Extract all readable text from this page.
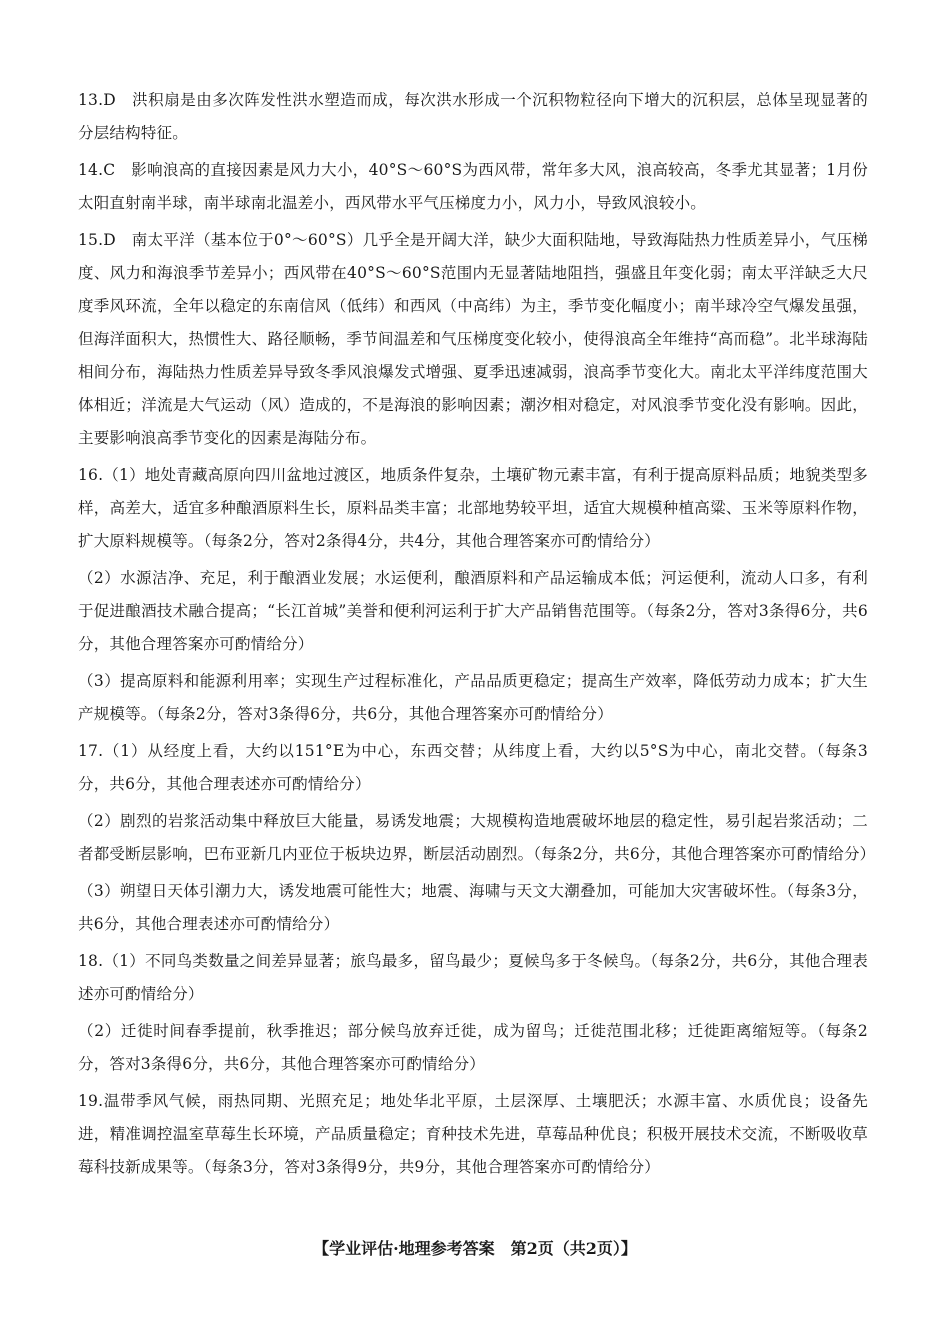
13.D　洪积扇是由多次阵发性洪水塑造而成，每次洪水形成一个沉积物粒径向下增大的沉积层，总体呈现显著的分层结构特征。

14.C　影响浪高的直接因素是风力大小，40°S～60°S为西风带，常年多大风，浪高较高，冬季尤其显著；1月份太阳直射南半球，南半球南北温差小，西风带水平气压梯度力小，风力小，导致风浪较小。

15.D　南太平洋（基本位于0°～60°S）几乎全是开阔大洋，缺少大面积陆地，导致海陆热力性质差异小，气压梯度、风力和海浪季节差异小；西风带在40°S～60°S范围内无显著陆地阻挡，强盛且年变化弱；南太平洋缺乏大尺度季风环流，全年以稳定的东南信风（低纬）和西风（中高纬）为主，季节变化幅度小；南半球冷空气爆发虽强，但海洋面积大，热惯性大、路径顺畅，季节间温差和气压梯度变化较小，使得浪高全年维持“高而稳”。北半球海陆相间分布，海陆热力性质差异导致冬季风浪爆发式增强、夏季迅速减弱，浪高季节变化大。南北太平洋纬度范围大体相近；洋流是大气运动（风）造成的，不是海浪的影响因素；潮汐相对稳定，对风浪季节变化没有影响。因此，主要影响浪高季节变化的因素是海陆分布。

16.（1）地处青藏高原向四川盆地过渡区，地质条件复杂，土壤矿物元素丰富，有利于提高原料品质；地貌类型多样，高差大，适宜多种酿酒原料生长，原料品类丰富；北部地势较平坦，适宜大规模种植高粱、玉米等原料作物，扩大原料规模等。（每条2分，答对2条得4分，共4分，其他合理答案亦可酌情给分）

（2）水源洁净、充足，利于酿酒业发展；水运便利，酿酒原料和产品运输成本低；河运便利，流动人口多，有利于促进酿酒技术融合提高；“长江首城”美誉和便利河运利于扩大产品销售范围等。（每条2分，答对3条得6分，共6分，其他合理答案亦可酌情给分）

（3）提高原料和能源利用率；实现生产过程标准化，产品品质更稳定；提高生产效率，降低劳动力成本；扩大生产规模等。（每条2分，答对3条得6分，共6分，其他合理答案亦可酌情给分）

17.（1）从经度上看，大约以151°E为中心，东西交替；从纬度上看，大约以5°S为中心，南北交替。（每条3分，共6分，其他合理表述亦可酌情给分）

（2）剧烈的岩浆活动集中释放巨大能量，易诱发地震；大规模构造地震破坏地层的稳定性，易引起岩浆活动；二者都受断层影响，巴布亚新几内亚位于板块边界，断层活动剧烈。（每条2分，共6分，其他合理答案亦可酌情给分）

（3）朔望日天体引潮力大，诱发地震可能性大；地震、海啸与天文大潮叠加，可能加大灾害破坏性。（每条3分，共6分，其他合理表述亦可酌情给分）

18.（1）不同鸟类数量之间差异显著；旅鸟最多，留鸟最少；夏候鸟多于冬候鸟。（每条2分，共6分，其他合理表述亦可酌情给分）

（2）迁徙时间春季提前，秋季推迟；部分候鸟放弃迁徙，成为留鸟；迁徙范围北移；迁徙距离缩短等。（每条2分，答对3条得6分，共6分，其他合理答案亦可酌情给分）

19.温带季风气候，雨热同期、光照充足；地处华北平原，土层深厚、土壤肥沃；水源丰富、水质优良；设备先进，精准调控温室草莓生长环境，产品质量稳定；育种技术先进，草莓品种优良；积极开展技术交流，不断吸收草莓科技新成果等。（每条3分，答对3条得9分，共9分，其他合理答案亦可酌情给分）

【学业评估·地理参考答案　第2页（共2页）】
